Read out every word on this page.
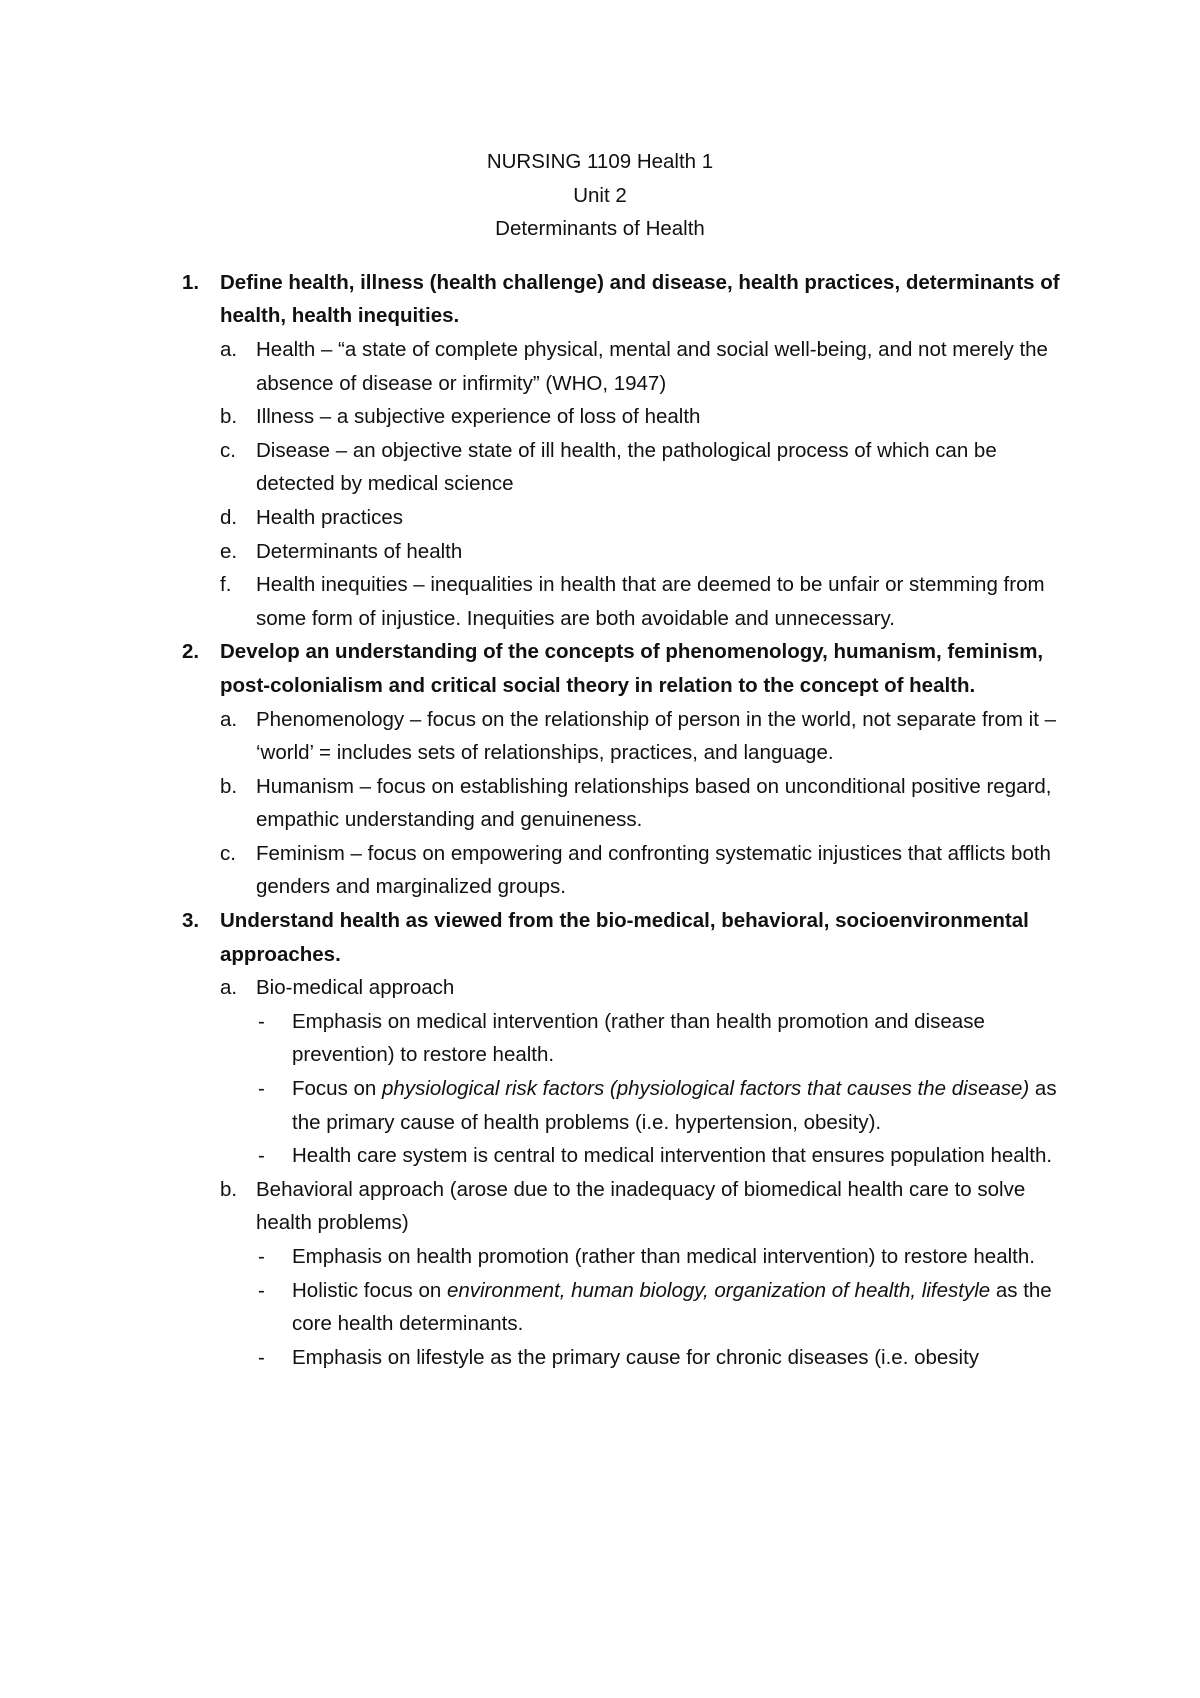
NURSING 1109 Health 1

Unit 2

Determinants of Health

1.	Define health, illness (health challenge) and disease, health practices, determinants of health, health inequities.
a. Health – “a state of complete physical, mental and social well-being, and not merely the absence of disease or infirmity” (WHO, 1947)
b. Illness – a subjective experience of loss of health
c. Disease – an objective state of ill health, the pathological process of which can be detected by medical science
d. Health practices
e. Determinants of health
f.	Health inequities – inequalities in health that are deemed to be unfair or stemming from some form of injustice. Inequities are both avoidable and unnecessary.
2.	Develop an understanding of the concepts of phenomenology, humanism, feminism, post-colonialism and critical social theory in relation to the concept of health.
a. Phenomenology – focus on the relationship of person in the world, not separate from it – ‘world’ = includes sets of relationships, practices, and language.
b. Humanism – focus on establishing relationships based on unconditional positive regard, empathic understanding and genuineness.
c. Feminism – focus on empowering and confronting systematic injustices that afflicts both genders and marginalized groups.
3.	Understand health as viewed from the bio-medical, behavioral, socioenvironmental approaches.
a. Bio-medical approach
-	Emphasis on medical intervention (rather than health promotion and disease prevention) to restore health.
-	Focus on physiological risk factors (physiological factors that causes the disease) as the primary cause of health problems (i.e. hypertension, obesity).
-	Health care system is central to medical intervention that ensures population health.
b. Behavioral approach (arose due to the inadequacy of biomedical health care to solve health problems)
-	Emphasis on health promotion (rather than medical intervention) to restore health.
-	Holistic focus on environment, human biology, organization of health, lifestyle as the core health determinants.
-	Emphasis on lifestyle as the primary cause for chronic diseases (i.e. obesity
